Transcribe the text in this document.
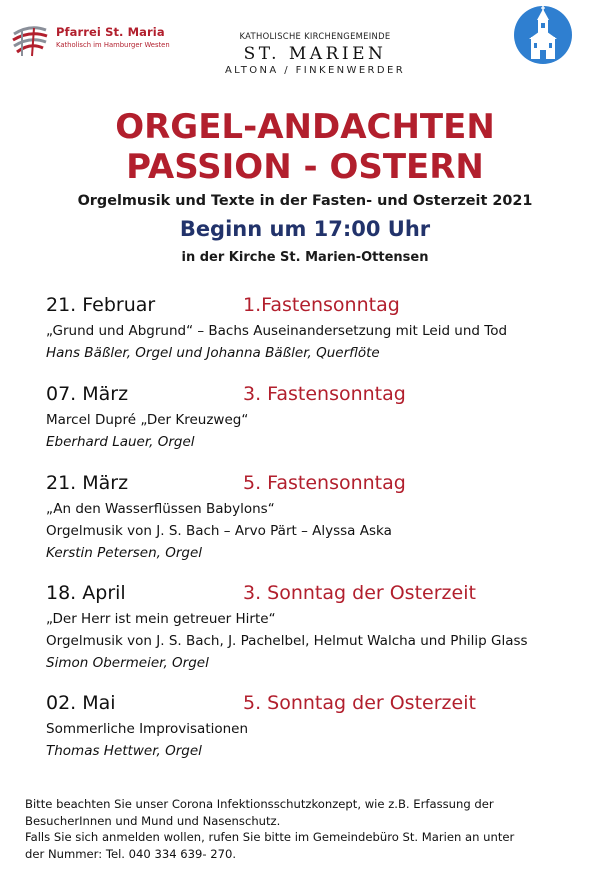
Pfarrei St. Maria
Katholisch im Hamburger Westen
KATHOLISCHE KIRCHENGEMEINDE
ST. MARIEN
ALTONA / FINKENWERDER
ORGEL-ANDACHTEN
PASSION - OSTERN
Orgelmusik und Texte in der Fasten- und Osterzeit 2021
Beginn um 17:00 Uhr
in der Kirche St. Marien-Ottensen
21. Februar	1.Fastensonntag
„Grund und Abgrund“ – Bachs Auseinandersetzung mit Leid und Tod
Hans Bäßler, Orgel und Johanna Bäßler, Querflöte
07. März	3. Fastensonntag
Marcel Dupré „Der Kreuzweg“
Eberhard Lauer, Orgel
21. März	5. Fastensonntag
„An den Wasserflüssen Babylons“
Orgelmusik von J. S. Bach – Arvo Pärt – Alyssa Aska
Kerstin Petersen, Orgel
18. April	3. Sonntag der Osterzeit
„Der Herr ist mein getreuer Hirte“
Orgelmusik von J. S. Bach, J. Pachelbel, Helmut Walcha und Philip Glass
Simon Obermeier, Orgel
02. Mai	5. Sonntag der Osterzeit
Sommerliche Improvisationen
Thomas Hettwer, Orgel
Bitte beachten Sie unser Corona Infektionsschutzkonzept, wie z.B. Erfassung der
BesucherInnen und Mund und Nasenschutz.
Falls Sie sich anmelden wollen, rufen Sie bitte im Gemeindebüro St. Marien an unter
der Nummer: Tel. 040 334 639- 270.
